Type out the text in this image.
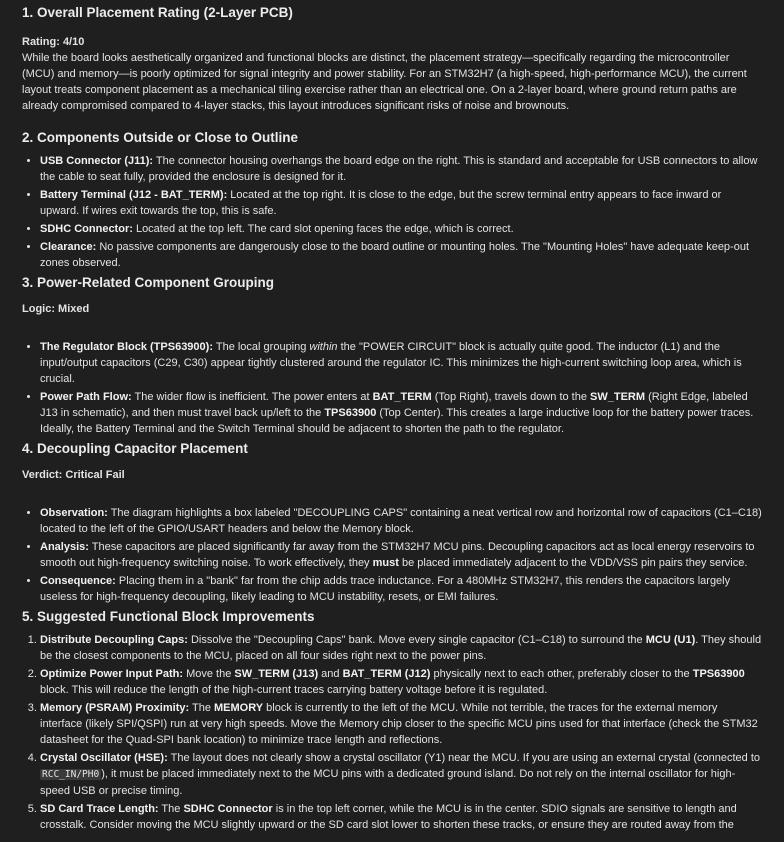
1. Overall Placement Rating (2-Layer PCB)
Rating: 4/10

While the board looks aesthetically organized and functional blocks are distinct, the placement strategy—specifically regarding the microcontroller (MCU) and memory—is poorly optimized for signal integrity and power stability. For an STM32H7 (a high-speed, high-performance MCU), the current layout treats component placement as a mechanical tiling exercise rather than an electrical one. On a 2-layer board, where ground return paths are already compromised compared to 4-layer stacks, this layout introduces significant risks of noise and brownouts.

2. Components Outside or Close to Outline
• USB Connector (J11): The connector housing overhangs the board edge on the right. This is standard and acceptable for USB connectors to allow the cable to seat fully, provided the enclosure is designed for it.
• Battery Terminal (J12 - BAT_TERM): Located at the top right. It is close to the edge, but the screw terminal entry appears to face inward or upward. If wires exit towards the top, this is safe.
• SDHC Connector: Located at the top left. The card slot opening faces the edge, which is correct.
• Clearance: No passive components are dangerously close to the board outline or mounting holes. The "Mounting Holes" have adequate keep-out zones observed.
3. Power-Related Component Grouping
Logic: Mixed
• The Regulator Block (TPS63900): The local grouping within the "POWER CIRCUIT" block is actually quite good. The inductor (L1) and the input/output capacitors (C29, C30) appear tightly clustered around the regulator IC. This minimizes the high-current switching loop area, which is crucial.
• Power Path Flow: The wider flow is inefficient. The power enters at BAT_TERM (Top Right), travels down to the SW_TERM (Right Edge, labeled J13 in schematic), and then must travel back up/left to the TPS63900 (Top Center). This creates a large inductive loop for the battery power traces. Ideally, the Battery Terminal and the Switch Terminal should be adjacent to shorten the path to the regulator.
4. Decoupling Capacitor Placement
Verdict: Critical Fail
• Observation: The diagram highlights a box labeled "DECOUPLING CAPS" containing a neat vertical row and horizontal row of capacitors (C1–C18) located to the left of the GPIO/USART headers and below the Memory block.
• Analysis: These capacitors are placed significantly far away from the STM32H7 MCU pins. Decoupling capacitors act as local energy reservoirs to smooth out high-frequency switching noise. To work effectively, they must be placed immediately adjacent to the VDD/VSS pin pairs they service.
• Consequence: Placing them in a "bank" far from the chip adds trace inductance. For a 480MHz STM32H7, this renders the capacitors largely useless for high-frequency decoupling, likely leading to MCU instability, resets, or EMI failures.
5. Suggested Functional Block Improvements
1. Distribute Decoupling Caps: Dissolve the "Decoupling Caps" bank. Move every single capacitor (C1–C18) to surround the MCU (U1). They should be the closest components to the MCU, placed on all four sides right next to the power pins.
2. Optimize Power Input Path: Move the SW_TERM (J13) and BAT_TERM (J12) physically next to each other, preferably closer to the TPS63900 block. This will reduce the length of the high-current traces carrying battery voltage before it is regulated.
3. Memory (PSRAM) Proximity: The MEMORY block is currently to the left of the MCU. While not terrible, the traces for the external memory interface (likely SPI/QSPI) run at very high speeds. Move the Memory chip closer to the specific MCU pins used for that interface (check the STM32 datasheet for the Quad-SPI bank location) to minimize trace length and reflections.
4. Crystal Oscillator (HSE): The layout does not clearly show a crystal oscillator (Y1) near the MCU. If you are using an external crystal (connected to RCC_IN/PH0 ), it must be placed immediately next to the MCU pins with a dedicated ground island. Do not rely on the internal oscillator for high-speed USB or precise timing.
5. SD Card Trace Length: The SDHC Connector is in the top left corner, while the MCU is in the center. SDIO signals are sensitive to length and crosstalk. Consider moving the MCU slightly upward or the SD card slot lower to shorten these tracks, or ensure they are routed away from the
